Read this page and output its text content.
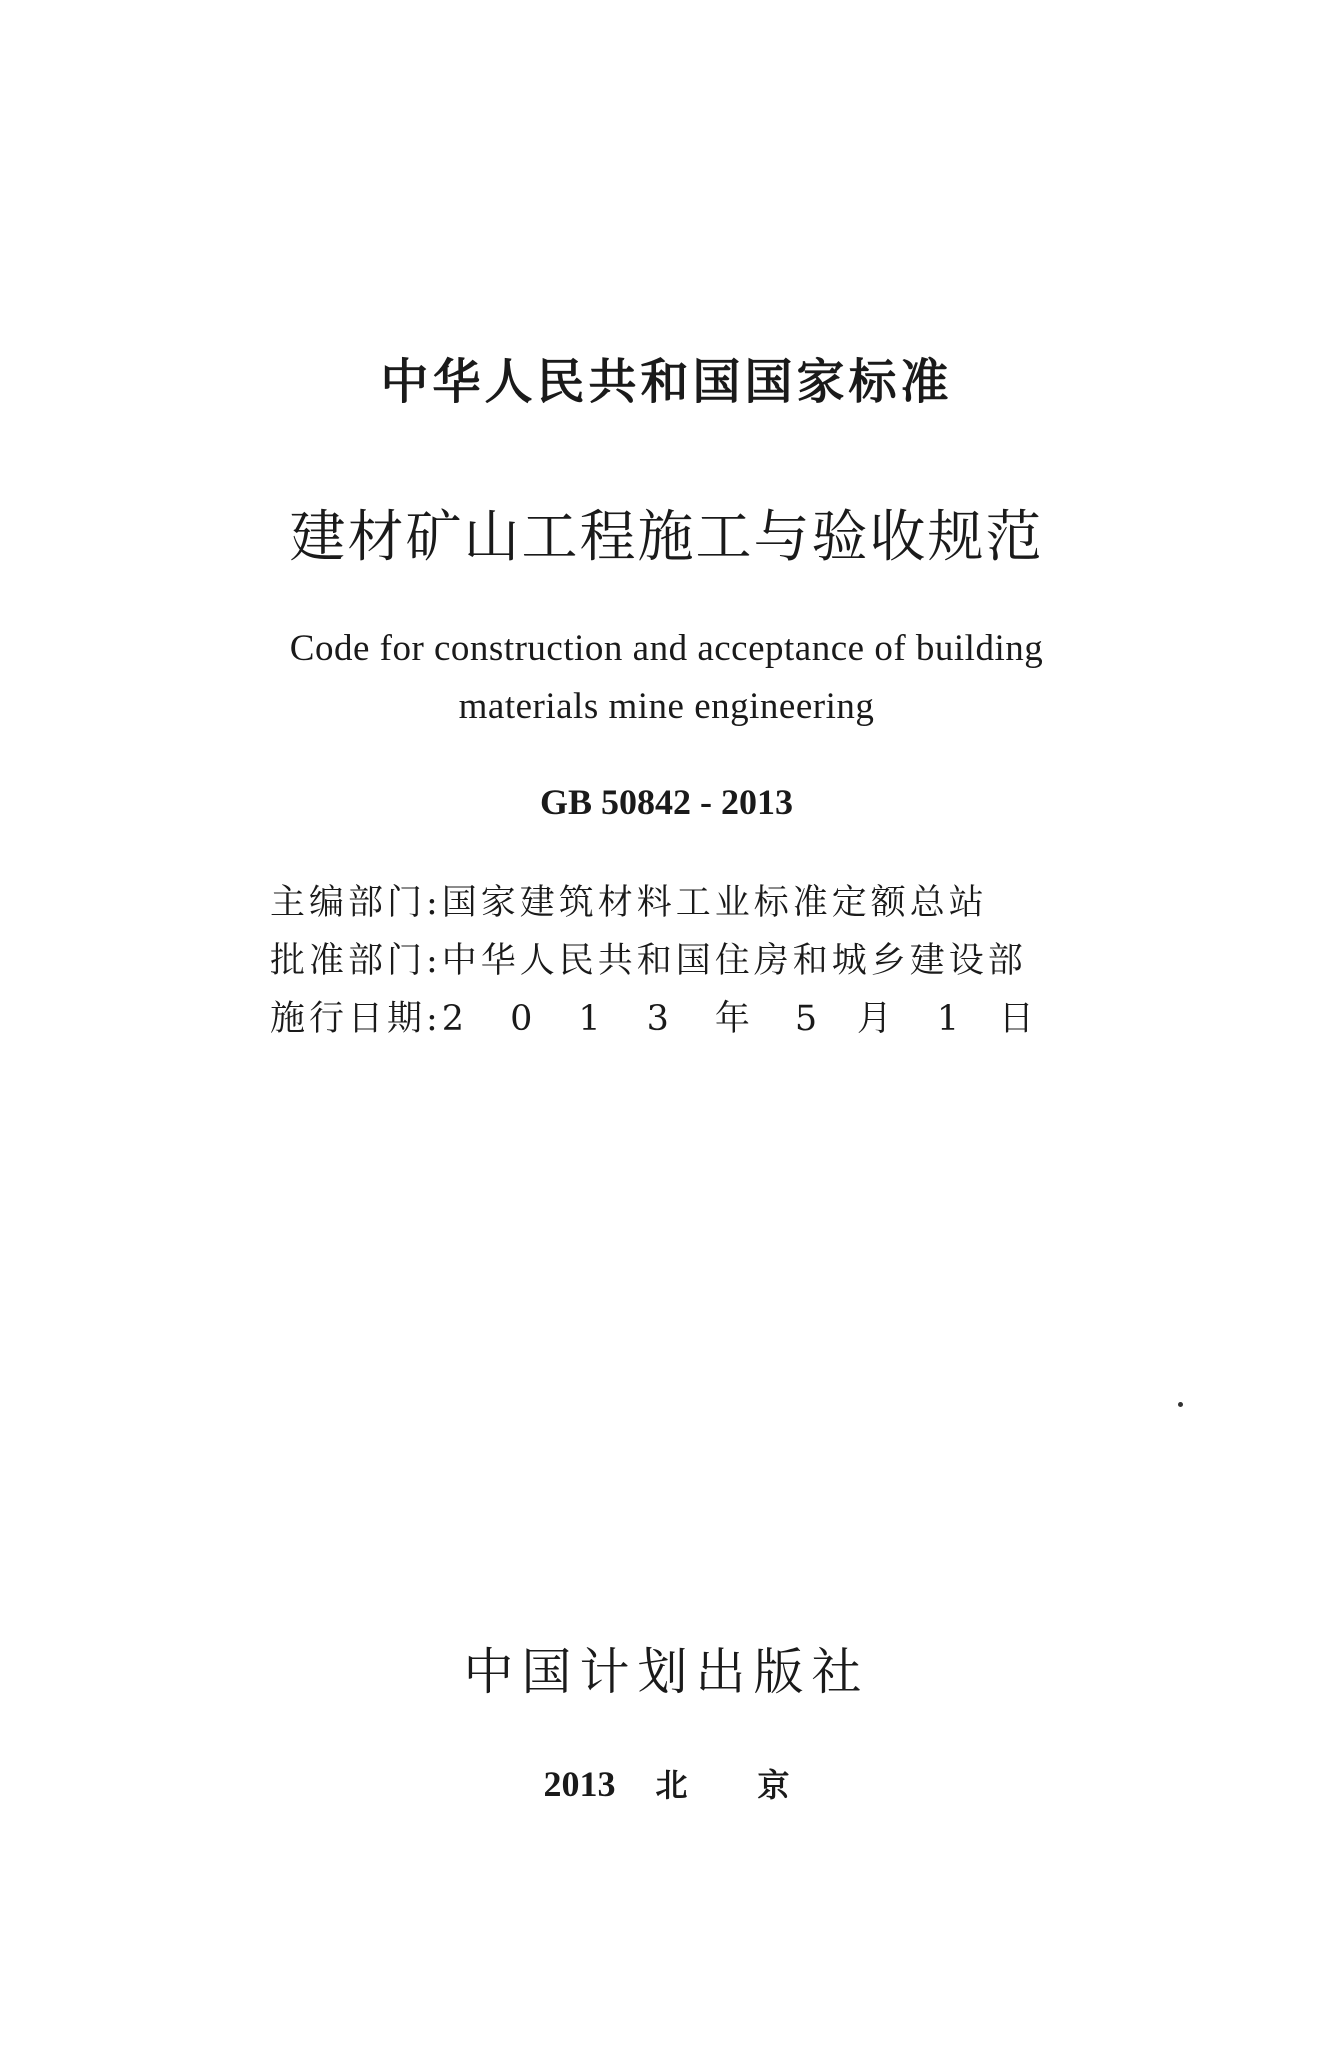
中华人民共和国国家标准
建材矿山工程施工与验收规范
Code for construction and acceptance of building
materials mine engineering
GB 50842 - 2013
主编部门:国家建筑材料工业标准定额总站
批准部门:中华人民共和国住房和城乡建设部
施行日期:2013年 5 月 1 日
中国计划出版社
2013 北 京
